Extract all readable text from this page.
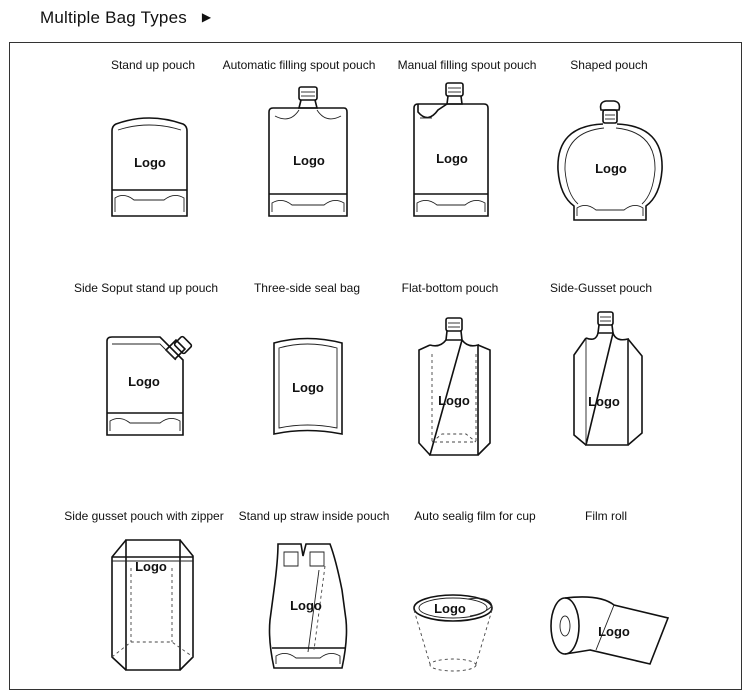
Multiple Bag Types ▶
Stand up pouch Automatic filling spout pouch Manual filling spout pouch	Shaped pouch
Side Soput stand up pouch	Three-side seal bag	Flat-bottom pouch	Side-Gusset pouch
Side gusset pouch with zipper Stand up straw inside pouch Auto sealig film for cup	Film roll
Logo	Logo	Logo
Logo
Logo	Logo
Logo	Logo
Logo
Logo	Logo
Logo
